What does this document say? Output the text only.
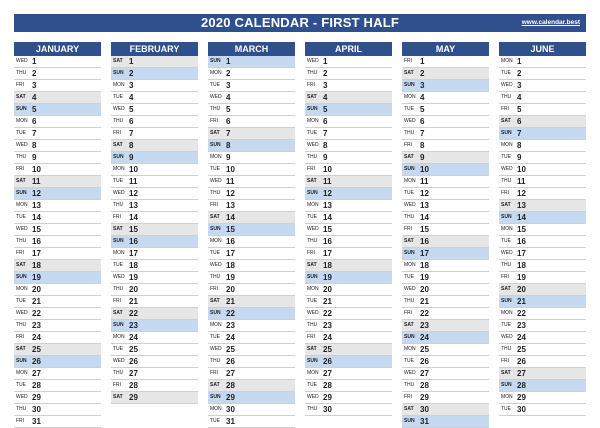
2020 CALENDAR - FIRST HALF	www.calendar.best
JANUARY
WED 1
THU 2
FRI 3
SAT 4
SUN 5
MON 6
TUE 7
WED 8
THU 9
FRI 10
SAT 11
SUN 12
MON 13
TUE 14
WED 15
THU 16
FRI 17
SAT 18
SUN 19
MON 20
TUE 21
WED 22
THU 23
FRI 24
SAT 25
SUN 26
MON 27
TUE 28
WED 29
THU 30
FRI 31
FEBRUARY
SAT 1
SUN 2
MON 3
TUE 4
WED 5
THU 6
FRI 7
SAT 8
SUN 9
MON 10
TUE 11
WED 12
THU 13
FRI 14
SAT 15
SUN 16
MON 17
TUE 18
WED 19
THU 20
FRI 21
SAT 22
SUN 23
MON 24
TUE 25
WED 26
THU 27
FRI 28
SAT 29
MARCH
SUN 1
MON 2
TUE 3
WED 4
THU 5
FRI 6
SAT 7
SUN 8
MON 9
TUE 10
WED 11
THU 12
FRI 13
SAT 14
SUN 15
MON 16
TUE 17
WED 18
THU 19
FRI 20
SAT 21
SUN 22
MON 23
TUE 24
WED 25
THU 26
FRI 27
SAT 28
SUN 29
MON 30
TUE 31
APRIL
WED 1
THU 2
FRI 3
SAT 4
SUN 5
MON 6
TUE 7
WED 8
THU 9
FRI 10
SAT 11
SUN 12
MON 13
TUE 14
WED 15
THU 16
FRI 17
SAT 18
SUN 19
MON 20
TUE 21
WED 22
THU 23
FRI 24
SAT 25
SUN 26
MON 27
TUE 28
WED 29
THU 30
MAY
FRI 1
SAT 2
SUN 3
MON 4
TUE 5
WED 6
THU 7
FRI 8
SAT 9
SUN 10
MON 11
TUE 12
WED 13
THU 14
FRI 15
SAT 16
SUN 17
MON 18
TUE 19
WED 20
THU 21
FRI 22
SAT 23
SUN 24
MON 25
TUE 26
WED 27
THU 28
FRI 29
SAT 30
SUN 31
JUNE
MON 1
TUE 2
WED 3
THU 4
FRI 5
SAT 6
SUN 7
MON 8
TUE 9
WED 10
THU 11
FRI 12
SAT 13
SUN 14
MON 15
TUE 16
WED 17
THU 18
FRI 19
SAT 20
SUN 21
MON 22
TUE 23
WED 24
THU 25
FRI 26
SAT 27
SUN 28
MON 29
TUE 30
